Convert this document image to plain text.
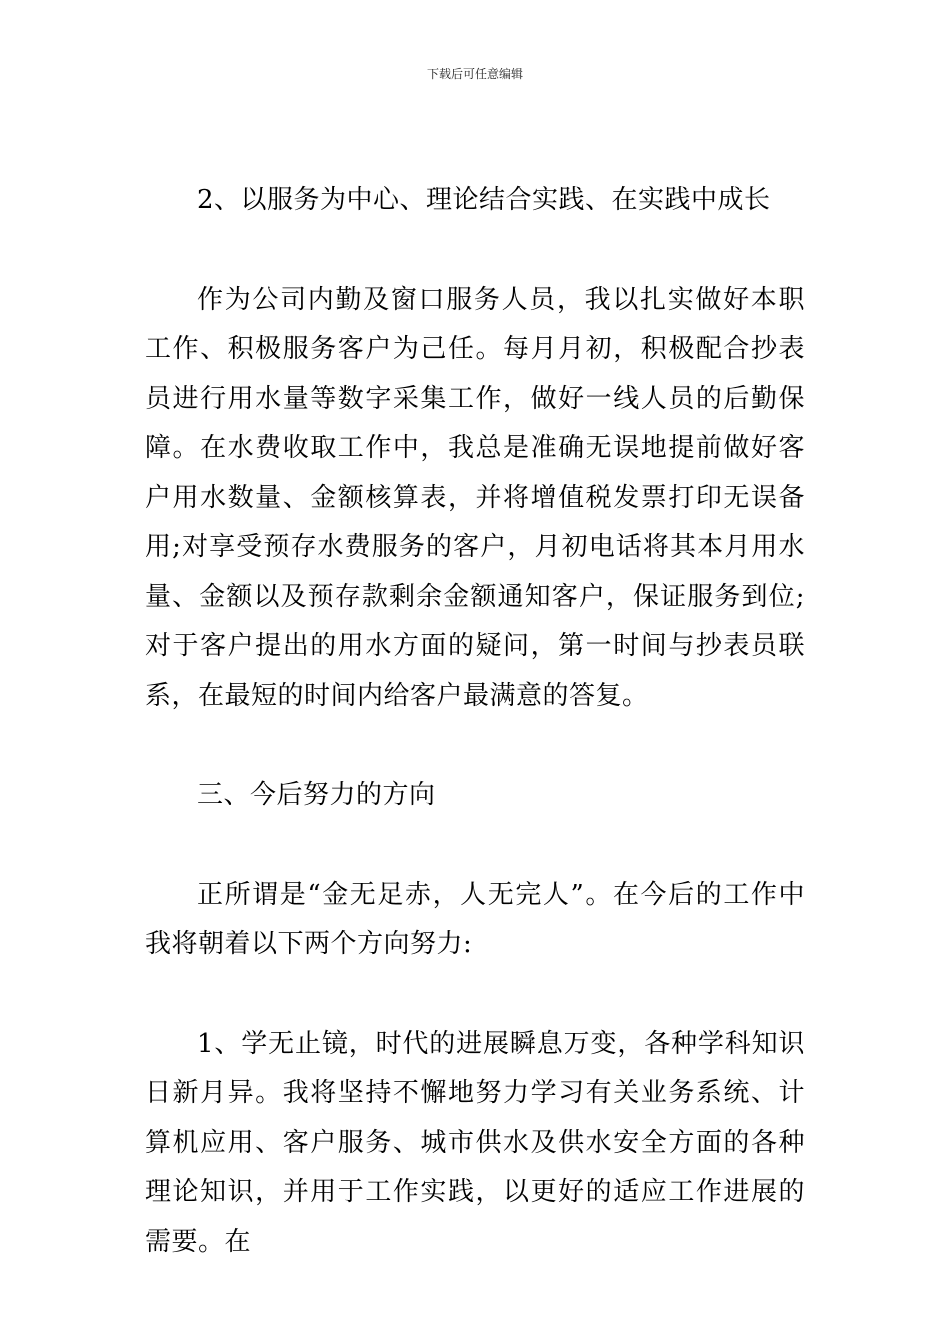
下载后可任意编辑

2、以服务为中心、理论结合实践、在实践中成长

作为公司内勤及窗口服务人员，我以扎实做好本职工作、积极服务客户为己任。每月月初，积极配合抄表员进行用水量等数字采集工作，做好一线人员的后勤保障。在水费收取工作中，我总是准确无误地提前做好客户用水数量、金额核算表，并将增值税发票打印无误备用;对享受预存水费服务的客户，月初电话将其本月用水量、金额以及预存款剩余金额通知客户，保证服务到位;对于客户提出的用水方面的疑问，第一时间与抄表员联系，在最短的时间内给客户最满意的答复。

三、今后努力的方向

正所谓是“金无足赤，人无完人”。在今后的工作中我将朝着以下两个方向努力:

1、学无止镜，时代的进展瞬息万变，各种学科知识日新月异。我将坚持不懈地努力学习有关业务系统、计算机应用、客户服务、城市供水及供水安全方面的各种理论知识，并用于工作实践，以更好的适应工作进展的需要。在
